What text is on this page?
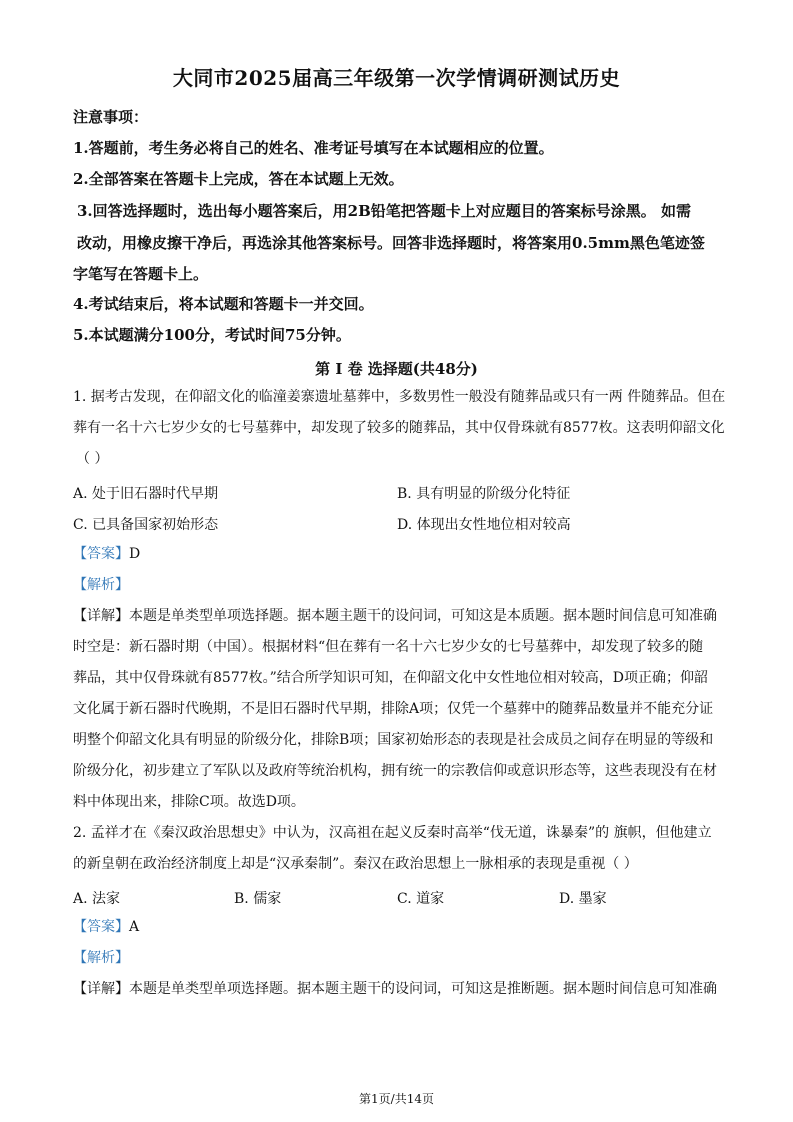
大同市2025届高三年级第一次学情调研测试历史
注意事项：
1.答题前，考生务必将自己的姓名、准考证号填写在本试题相应的位置。
2.全部答案在答题卡上完成，答在本试题上无效。
3.回答选择题时，选出每小题答案后，用2B铅笔把答题卡上对应题目的答案标号涂黑。 如需
改动，用橡皮擦干净后，再选涂其他答案标号。回答非选择题时，将答案用0.5mm黑色笔迹签
字笔写在答题卡上。
4.考试结束后，将本试题和答题卡一并交回。
5.本试题满分100分，考试时间75分钟。
第 I 卷 选择题(共48分)
1. 据考古发现，在仰韶文化的临潼姜寨遗址墓葬中，多数男性一般没有随葬品或只有一两 件随葬品。但在
葬有一名十六七岁少女的七号墓葬中，却发现了较多的随葬品，其中仅骨珠就有8577枚。这表明仰韶文化
（ ）
A. 处于旧石器时代早期	B. 具有明显的阶级分化特征
C. 已具备国家初始形态	D. 体现出女性地位相对较高
【答案】D
【解析】
【详解】本题是单类型单项选择题。据本题主题干的设问词，可知这是本质题。据本题时间信息可知准确
时空是：新石器时期（中国）。根据材料“但在葬有一名十六七岁少女的七号墓葬中，却发现了较多的随
葬品，其中仅骨珠就有8577枚。”结合所学知识可知，在仰韶文化中女性地位相对较高，D项正确；仰韶
文化属于新石器时代晚期，不是旧石器时代早期，排除A项；仅凭一个墓葬中的随葬品数量并不能充分证
明整个仰韶文化具有明显的阶级分化，排除B项；国家初始形态的表现是社会成员之间存在明显的等级和
阶级分化，初步建立了军队以及政府等统治机构，拥有统一的宗教信仰或意识形态等，这些表现没有在材
料中体现出来，排除C项。故选D项。
2. 孟祥才在《秦汉政治思想史》中认为，汉高祖在起义反秦时高举“伐无道，诛暴秦”的 旗帜，但他建立
的新皇朝在政治经济制度上却是“汉承秦制”。秦汉在政治思想上一脉相承的表现是重视（ ）
A. 法家	B. 儒家	C. 道家	D. 墨家
【答案】A
【解析】
【详解】本题是单类型单项选择题。据本题主题干的设问词，可知这是推断题。据本题时间信息可知准确
第1页/共14页
